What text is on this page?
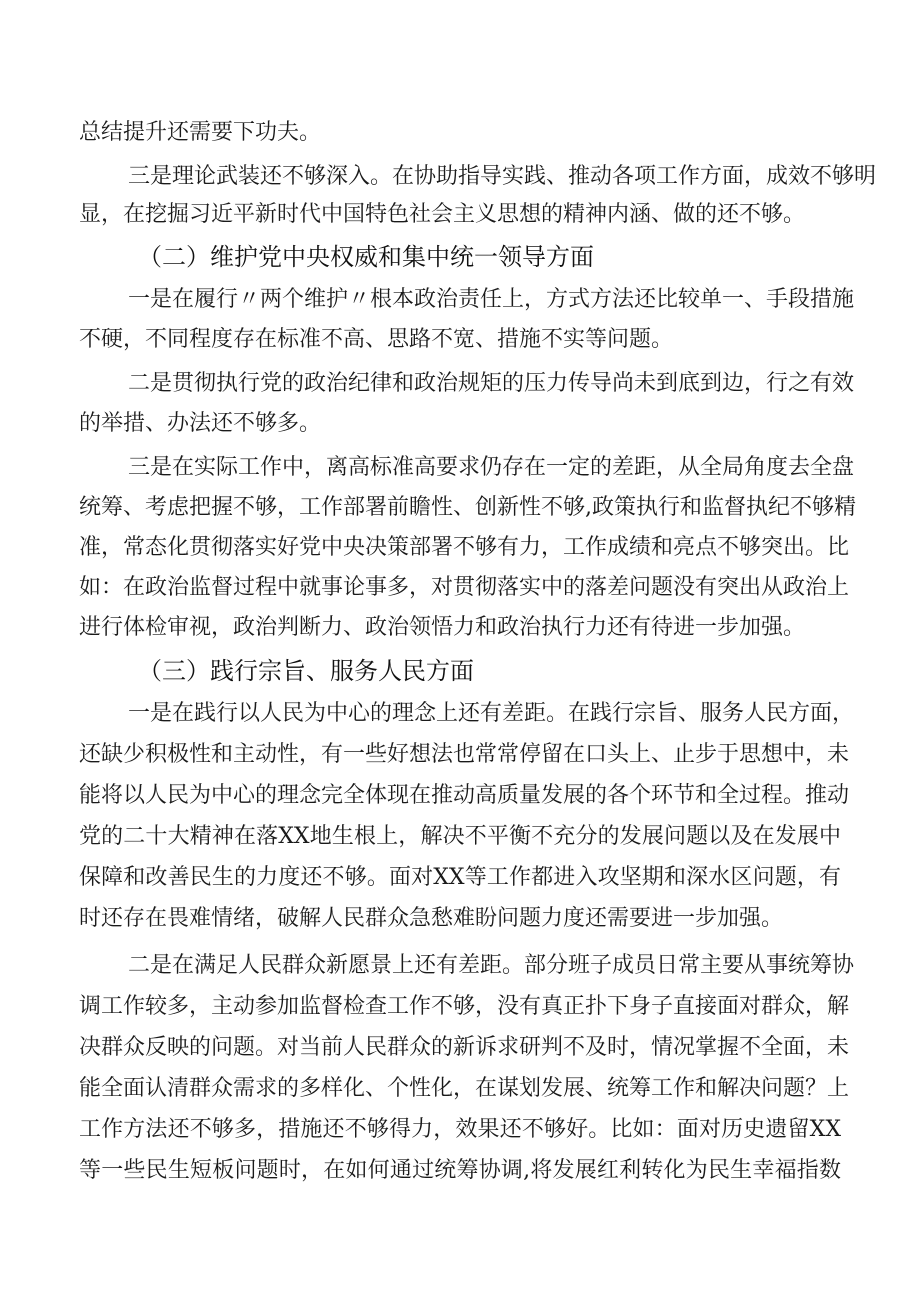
总结提升还需要下功夫。
三是理论武装还不够深入。在协助指导实践、推动各项工作方面，成效不够明
显，在挖掘习近平新时代中国特色社会主义思想的精神内涵、做的还不够。
（二）维护党中央权威和集中统一领导方面
一是在履行〃两个维护〃根本政治责任上，方式方法还比较单一、手段措施
不硬，不同程度存在标准不高、思路不宽、措施不实等问题。
二是贯彻执行党的政治纪律和政治规矩的压力传导尚未到底到边，行之有效
的举措、办法还不够多。
三是在实际工作中，离高标准高要求仍存在一定的差距，从全局角度去全盘
统筹、考虑把握不够，工作部署前瞻性、创新性不够,政策执行和监督执纪不够精
准，常态化贯彻落实好党中央决策部署不够有力，工作成绩和亮点不够突出。比
如：在政治监督过程中就事论事多，对贯彻落实中的落差问题没有突出从政治上
进行体检审视，政治判断力、政治领悟力和政治执行力还有待进一步加强。
（三）践行宗旨、服务人民方面
一是在践行以人民为中心的理念上还有差距。在践行宗旨、服务人民方面，
还缺少积极性和主动性，有一些好想法也常常停留在口头上、止步于思想中，未
能将以人民为中心的理念完全体现在推动高质量发展的各个环节和全过程。推动
党的二十大精神在落XX地生根上，解决不平衡不充分的发展问题以及在发展中
保障和改善民生的力度还不够。面对XX等工作都进入攻坚期和深水区问题，有
时还存在畏难情绪，破解人民群众急愁难盼问题力度还需要进一步加强。
二是在满足人民群众新愿景上还有差距。部分班子成员日常主要从事统筹协
调工作较多，主动参加监督检查工作不够，没有真正扑下身子直接面对群众，解
决群众反映的问题。对当前人民群众的新诉求研判不及时，情况掌握不全面，未
能全面认清群众需求的多样化、个性化，在谋划发展、统筹工作和解决问题？上
工作方法还不够多，措施还不够得力，效果还不够好。比如：面对历史遗留XX
等一些民生短板问题时，在如何通过统筹协调,将发展红利转化为民生幸福指数
